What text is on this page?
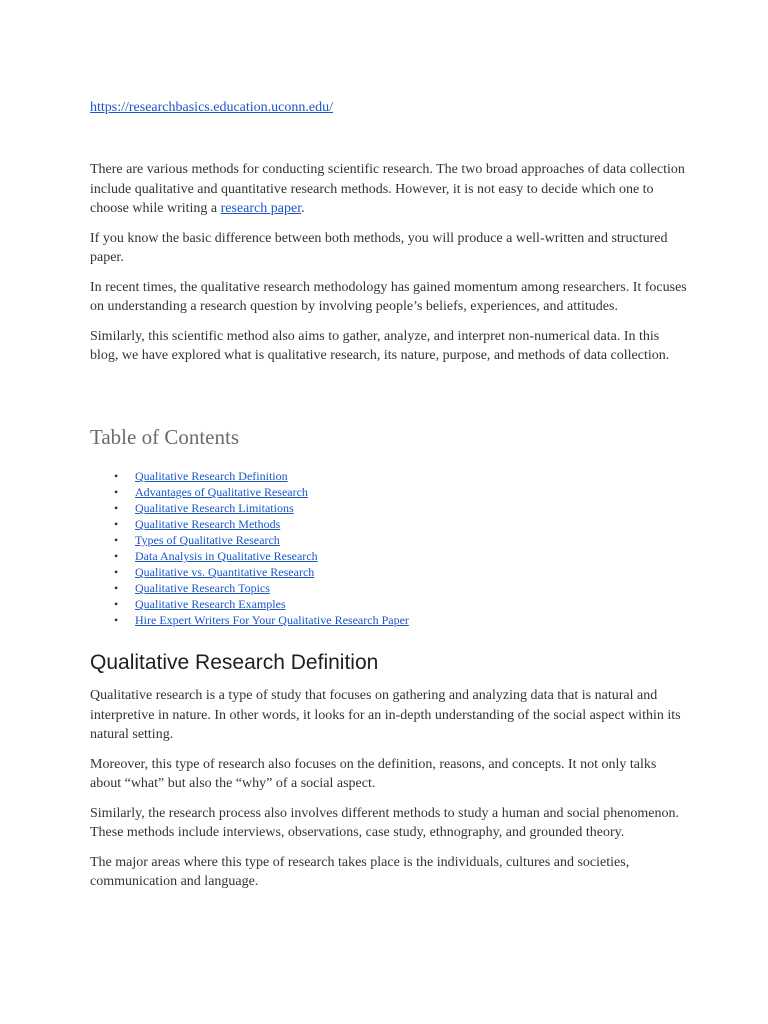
https://researchbasics.education.uconn.edu/

There are various methods for conducting scientific research. The two broad approaches of data collection include qualitative and quantitative research methods. However, it is not easy to decide which one to choose while writing a research paper.

If you know the basic difference between both methods, you will produce a well-written and structured paper.

In recent times, the qualitative research methodology has gained momentum among researchers. It focuses on understanding a research question by involving people’s beliefs, experiences, and attitudes.

Similarly, this scientific method also aims to gather, analyze, and interpret non-numerical data. In this blog, we have explored what is qualitative research, its nature, purpose, and methods of data collection.

Table of Contents
• Qualitative Research Definition
• Advantages of Qualitative Research
• Qualitative Research Limitations
• Qualitative Research Methods
• Types of Qualitative Research
• Data Analysis in Qualitative Research
• Qualitative vs. Quantitative Research
• Qualitative Research Topics
• Qualitative Research Examples
• Hire Expert Writers For Your Qualitative Research Paper
Qualitative Research Definition

Qualitative research is a type of study that focuses on gathering and analyzing data that is natural and interpretive in nature. In other words, it looks for an in-depth understanding of the social aspect within its natural setting.

Moreover, this type of research also focuses on the definition, reasons, and concepts. It not only talks about “what” but also the “why” of a social aspect.

Similarly, the research process also involves different methods to study a human and social phenomenon. These methods include interviews, observations, case study, ethnography, and grounded theory.

The major areas where this type of research takes place is the individuals, cultures and societies, communication and language.
